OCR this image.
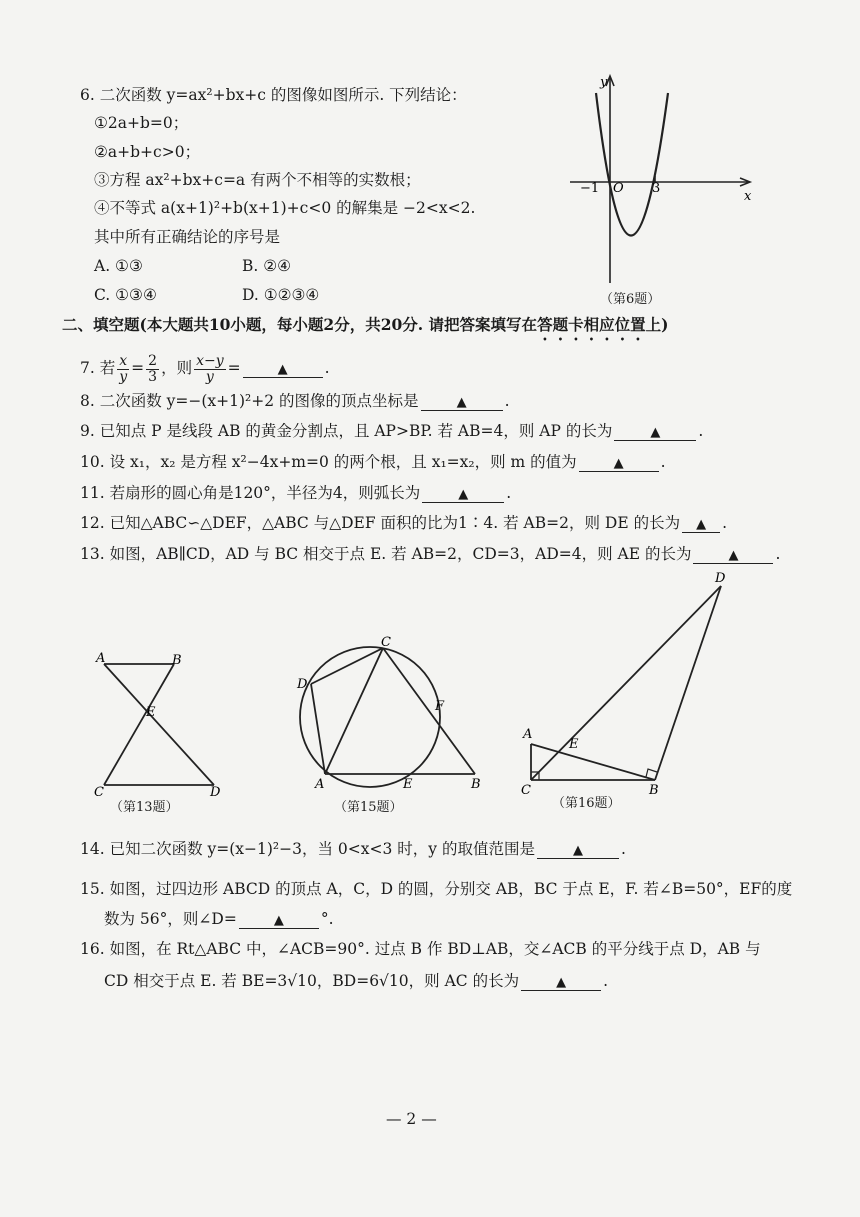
6. 二次函数 y=ax²+bx+c 的图像如图所示. 下列结论：
①2a+b=0；
②a+b+c>0；
③方程 ax²+bx+c=a 有两个不相等的实数根；
④不等式 a(x+1)²+b(x+1)+c<0 的解集是 −2<x<2.
其中所有正确结论的序号是
A. ①③	B. ②④
C. ①③④	D. ①②③④
y
x
−1 O 3
（第6题）
二、填空题(本大题共10小题，每小题2分，共20分. 请把答案填写在答题卡相应位置上)
7. 若 $\frac{x}{y} = \frac{2}{3}$ ，则 $\frac{x-y}{y}$ =	▲ .
8. 二次函数 y=−(x+1)²+2 的图像的顶点坐标是	▲ .
9. 已知点 P 是线段 AB 的黄金分割点，且 AP>BP. 若 AB=4，则 AP 的长为	▲ .
10. 设 x₁，x₂ 是方程 x²−4x+m=0 的两个根，且 x₁=x₂，则 m 的值为	▲ .
11. 若扇形的圆心角是120°，半径为4，则弧长为	▲ .
12. 已知△ABC∽△DEF，△ABC 与△DEF 面积的比为1∶4. 若 AB=2，则 DE 的长为 ▲ .
13. 如图，AB∥CD，AD 与 BC 相交于点 E. 若 AB=2，CD=3，AD=4，则 AE 的长为	▲ .
A	B
E
C	D
（第13题）
C
D
F
A	E	B
（第15题）
D
A
E
C	B
（第16题）
14. 已知二次函数 y=(x−1)²−3，当 0<x<3 时，y 的取值范围是	▲ .
15. 如图，过四边形 ABCD 的顶点 A，C，D 的圆，分别交 AB，BC 于点 E，F. 若∠B=50°，EF的度
数为 56°，则∠D=	▲ °.
16. 如图，在 Rt△ABC 中，∠ACB=90°. 过点 B 作 BD⊥AB，交∠ACB 的平分线于点 D，AB 与
CD 相交于点 E. 若 BE=3√10，BD=6√10，则 AC 的长为	▲ .
— 2 —
